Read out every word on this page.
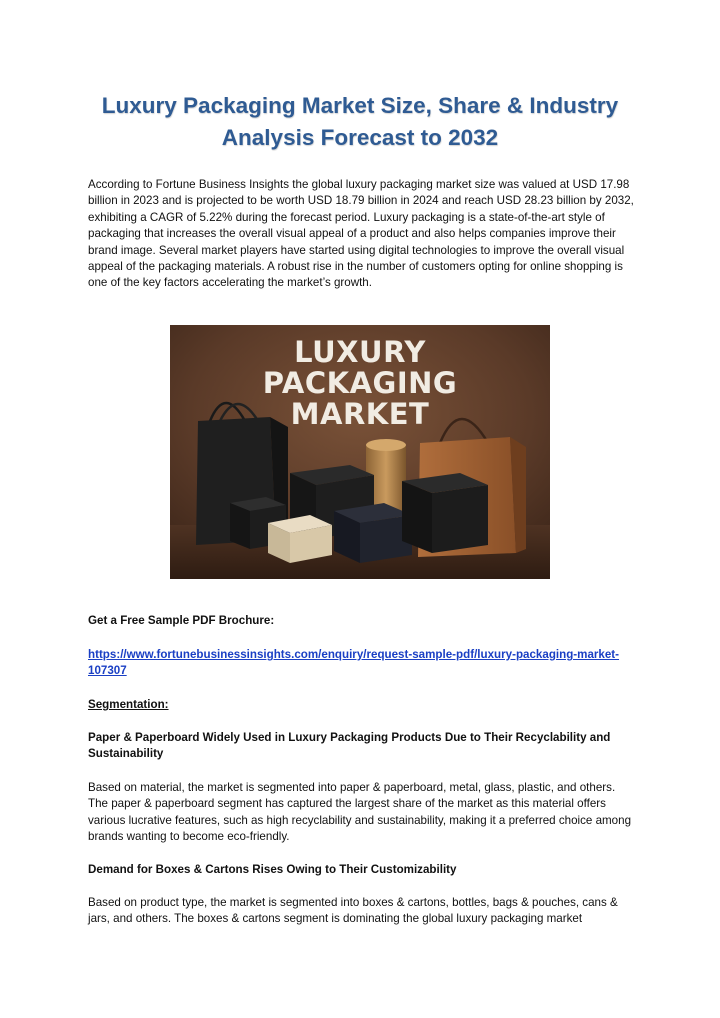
Luxury Packaging Market Size, Share & Industry Analysis Forecast to 2032

According to Fortune Business Insights the global luxury packaging market size was valued at USD 17.98 billion in 2023 and is projected to be worth USD 18.79 billion in 2024 and reach USD 28.23 billion by 2032, exhibiting a CAGR of 5.22% during the forecast period. Luxury packaging is a state-of-the-art style of packaging that increases the overall visual appeal of a product and also helps companies improve their brand image. Several market players have started using digital technologies to improve the overall visual appeal of the packaging materials. A robust rise in the number of customers opting for online shopping is one of the key factors accelerating the market’s growth.

LUXURY
PACKAGING
MARKET

Get a Free Sample PDF Brochure:

https://www.fortunebusinessinsights.com/enquiry/request-sample-pdf/luxury-packaging-market-107307

Segmentation:

Paper & Paperboard Widely Used in Luxury Packaging Products Due to Their Recyclability and Sustainability

Based on material, the market is segmented into paper & paperboard, metal, glass, plastic, and others. The paper & paperboard segment has captured the largest share of the market as this material offers various lucrative features, such as high recyclability and sustainability, making it a preferred choice among brands wanting to become eco-friendly.

Demand for Boxes & Cartons Rises Owing to Their Customizability

Based on product type, the market is segmented into boxes & cartons, bottles, bags & pouches, cans & jars, and others. The boxes & cartons segment is dominating the global luxury packaging market
